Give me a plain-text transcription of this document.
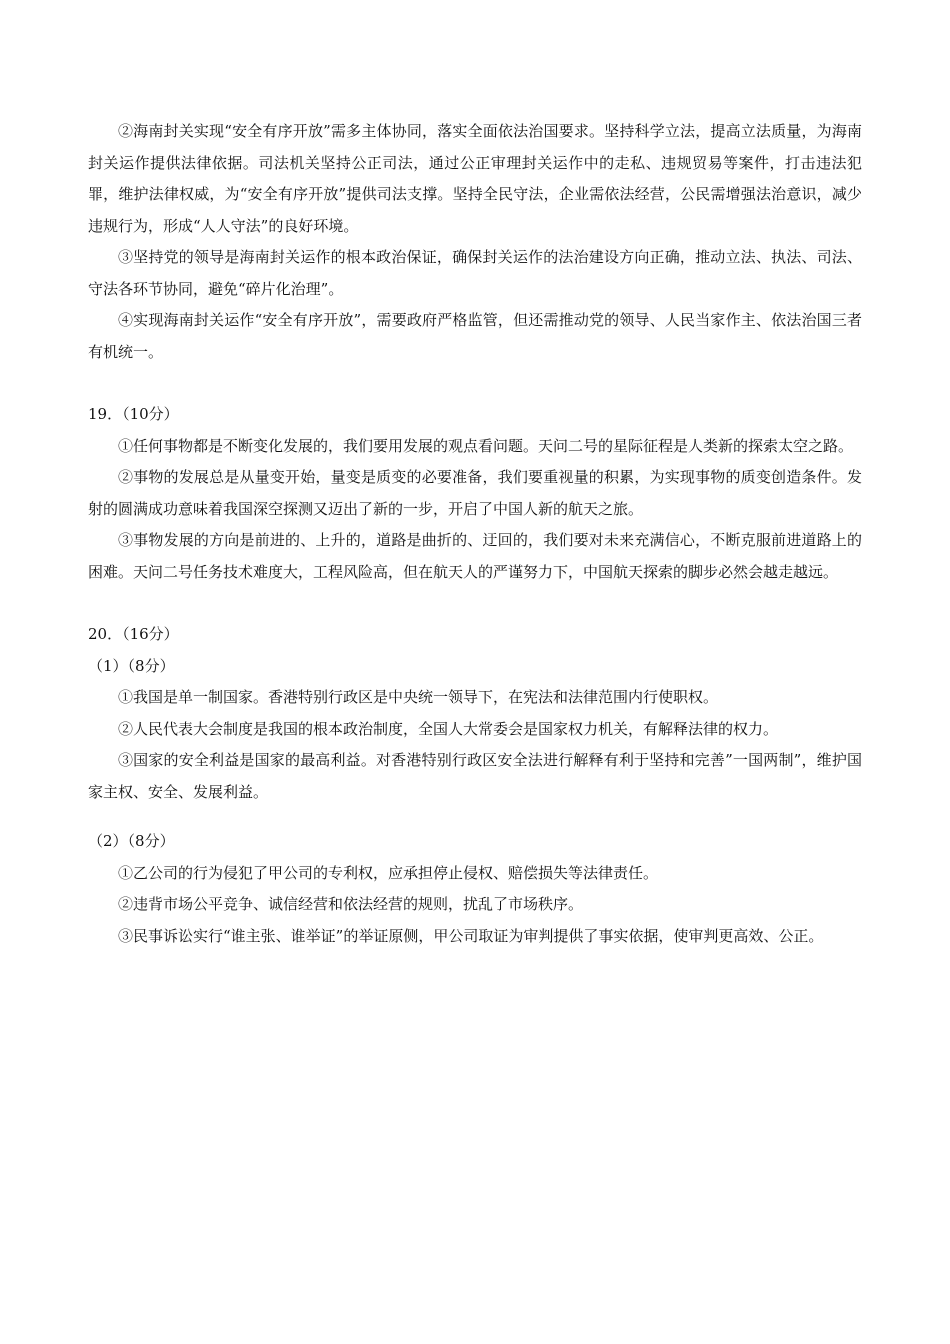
②海南封关实现“安全有序开放”需多主体协同，落实全面依法治国要求。坚持科学立法，提高立法质量，为海南封关运作提供法律依据。司法机关坚持公正司法，通过公正审理封关运作中的走私、违规贸易等案件，打击违法犯罪，维护法律权威，为“安全有序开放”提供司法支撑。坚持全民守法，企业需依法经营，公民需增强法治意识，减少违规行为，形成“人人守法”的良好环境。

③坚持党的领导是海南封关运作的根本政治保证，确保封关运作的法治建设方向正确，推动立法、执法、司法、守法各环节协同，避免“碎片化治理”。

④实现海南封关运作“安全有序开放”，需要政府严格监管，但还需推动党的领导、人民当家作主、依法治国三者有机统一。

19．（10分）

①任何事物都是不断变化发展的，我们要用发展的观点看问题。天问二号的星际征程是人类新的探索太空之路。

②事物的发展总是从量变开始，量变是质变的必要准备，我们要重视量的积累，为实现事物的质变创造条件。发射的圆满成功意味着我国深空探测又迈出了新的一步，开启了中国人新的航天之旅。

③事物发展的方向是前进的、上升的，道路是曲折的、迂回的，我们要对未来充满信心，不断克服前进道路上的困难。天问二号任务技术难度大，工程风险高，但在航天人的严谨努力下，中国航天探索的脚步必然会越走越远。

20．（16分）

（1）（8分）

①我国是单一制国家。香港特别行政区是中央统一领导下，在宪法和法律范围内行使职权。

②人民代表大会制度是我国的根本政治制度，全国人大常委会是国家权力机关，有解释法律的权力。

③国家的安全利益是国家的最高利益。对香港特别行政区安全法进行解释有利于坚持和完善”一国两制”，维护国家主权、安全、发展利益。

（2）（8分）

①乙公司的行为侵犯了甲公司的专利权，应承担停止侵权、赔偿损失等法律责任。

②违背市场公平竞争、诚信经营和依法经营的规则，扰乱了市场秩序。

③民事诉讼实行“谁主张、谁举证”的举证原侧，甲公司取证为审判提供了事实依据，使审判更高效、公正。
